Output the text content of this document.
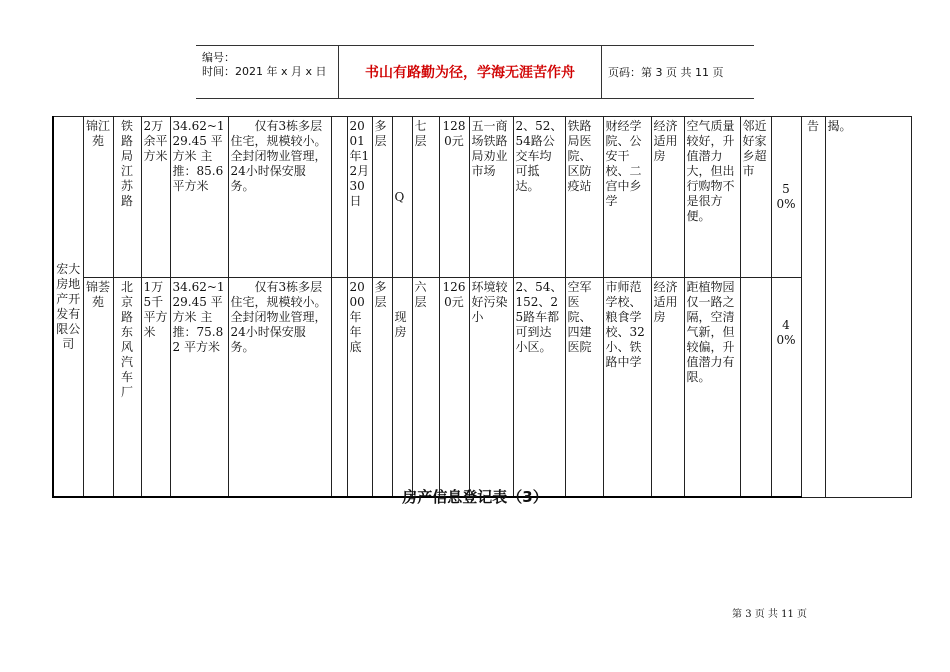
编号：
时间：2021 年 x 月 x 日	书山有路勤为径，学海无涯苦作舟	页码：第 3 页 共 11 页
宏大房地产开发有限公司	锦江苑	铁路局江苏路	2万余平方米	34.62~129.45 平方米 主推：85.6 平方米	仅有3栋多层住宅，规模较小。全封闭物业管理，24小时保安服务。		2001年12月30日	多层	Q	七层	1280元	五一商场铁路局劝业市场	2、52、54路公交车均可抵达。	铁路局医院、区防疫站	财经学院、公安干校、二宫中乡学	经济适用房	空气质量较好，升值潜力大，但出行购物不是很方便。	邻近好家乡超市	50%	告	揭。
	锦荟苑	北京路东风汽车厂	1万5千平方米	34.62~129.45 平方米 主推：75.82 平方米	仅有3栋多层住宅，规模较小。全封闭物业管理，24小时保安服务。		2000年年底	多层	现房	六层	1260元	环境较好污染小	2、54、152、25路车都可到达小区。	空军医院、四建医院	市师范学校、粮食学校、32小、铁路中学	经济适用房	距植物园仅一路之隔，空清气新，但较偏，升值潜力有限。		40%		
房产信息登记表（3）
第 3 页 共 11 页
